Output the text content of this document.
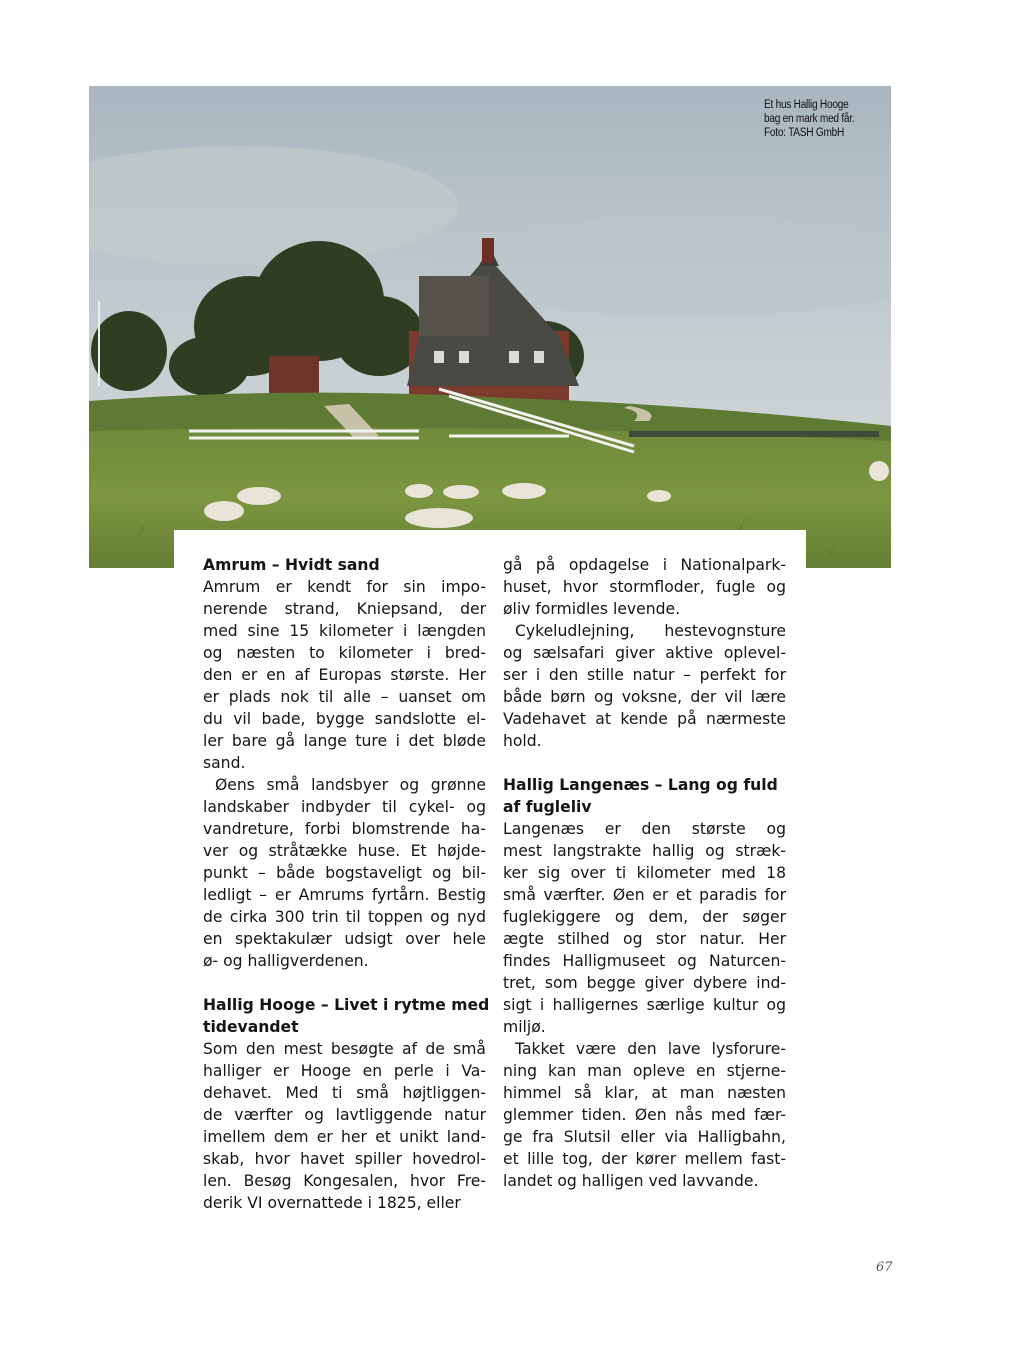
Et hus Hallig Hooge
bag en mark med får.
Foto: TASH GmbH
Amrum – Hvidt sand
Amrum er kendt for sin impo-
nerende strand, Kniepsand, der
med sine 15 kilometer i længden
og næsten to kilometer i bred-
den er en af Europas største. Her
er plads nok til alle – uanset om
du vil bade, bygge sandslotte el-
ler bare gå lange ture i det bløde
sand.
Øens små landsbyer og grønne
landskaber indbyder til cykel- og
vandreture, forbi blomstrende ha-
ver og stråtække huse. Et højde-
punkt – både bogstaveligt og bil-
ledligt – er Amrums fyrtårn. Bestig
de cirka 300 trin til toppen og nyd
en spektakulær udsigt over hele
ø- og halligverdenen.
Hallig Hooge – Livet i rytme med
tidevandet
Som den mest besøgte af de små
halliger er Hooge en perle i Va-
dehavet. Med ti små højtliggen-
de værfter og lavtliggende natur
imellem dem er her et unikt land-
skab, hvor havet spiller hovedrol-
len. Besøg Kongesalen, hvor Fre-
derik VI overnattede i 1825, eller
gå på opdagelse i Nationalpark-
huset, hvor stormfloder, fugle og
øliv formidles levende.
Cykeludlejning, hestevognsture
og sælsafari giver aktive oplevel-
ser i den stille natur – perfekt for
både børn og voksne, der vil lære
Vadehavet at kende på nærmeste
hold.
Hallig Langenæs – Lang og fuld
af fugleliv
Langenæs er den største og
mest langstrakte hallig og stræk-
ker sig over ti kilometer med 18
små værfter. Øen er et paradis for
fuglekiggere og dem, der søger
ægte stilhed og stor natur. Her
findes Halligmuseet og Naturcen-
tret, som begge giver dybere ind-
sigt i halligernes særlige kultur og
miljø.
Takket være den lave lysforure-
ning kan man opleve en stjerne-
himmel så klar, at man næsten
glemmer tiden. Øen nås med fær-
ge fra Slutsil eller via Halligbahn,
et lille tog, der kører mellem fast-
landet og halligen ved lavvande.
67
